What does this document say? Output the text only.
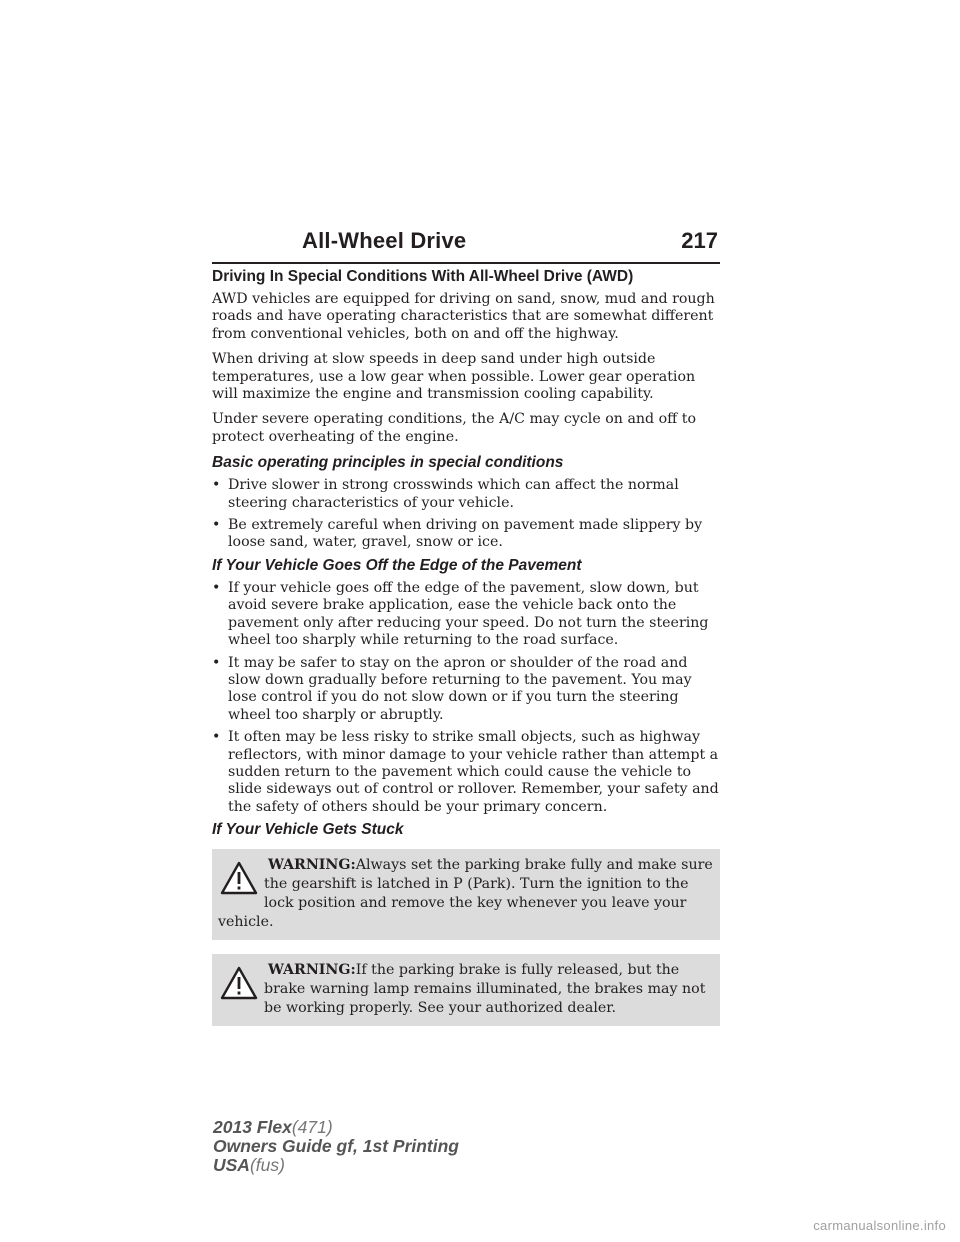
All-Wheel Drive	217
Driving In Special Conditions With All-Wheel Drive (AWD)

AWD vehicles are equipped for driving on sand, snow, mud and rough roads and have operating characteristics that are somewhat different from conventional vehicles, both on and off the highway.

When driving at slow speeds in deep sand under high outside temperatures, use a low gear when possible. Lower gear operation will maximize the engine and transmission cooling capability.

Under severe operating conditions, the A/C may cycle on and off to protect overheating of the engine.

Basic operating principles in special conditions
• Drive slower in strong crosswinds which can affect the normal steering characteristics of your vehicle.
• Be extremely careful when driving on pavement made slippery by loose sand, water, gravel, snow or ice.
If Your Vehicle Goes Off the Edge of the Pavement
• If your vehicle goes off the edge of the pavement, slow down, but avoid severe brake application, ease the vehicle back onto the pavement only after reducing your speed. Do not turn the steering wheel too sharply while returning to the road surface.
• It may be safer to stay on the apron or shoulder of the road and slow down gradually before returning to the pavement. You may lose control if you do not slow down or if you turn the steering wheel too sharply or abruptly.
• It often may be less risky to strike small objects, such as highway reflectors, with minor damage to your vehicle rather than attempt a sudden return to the pavement which could cause the vehicle to slide sideways out of control or rollover. Remember, your safety and the safety of others should be your primary concern.
If Your Vehicle Gets Stuck
WARNING:Always set the parking brake fully and make sure the gearshift is latched in P (Park). Turn the ignition to the lock position and remove the key whenever you leave your vehicle.
WARNING:If the parking brake is fully released, but the brake warning lamp remains illuminated, the brakes may not be working properly. See your authorized dealer.
2013 Flex(471)
Owners Guide gf, 1st Printing
USA(fus)
carmanualsonline.info
